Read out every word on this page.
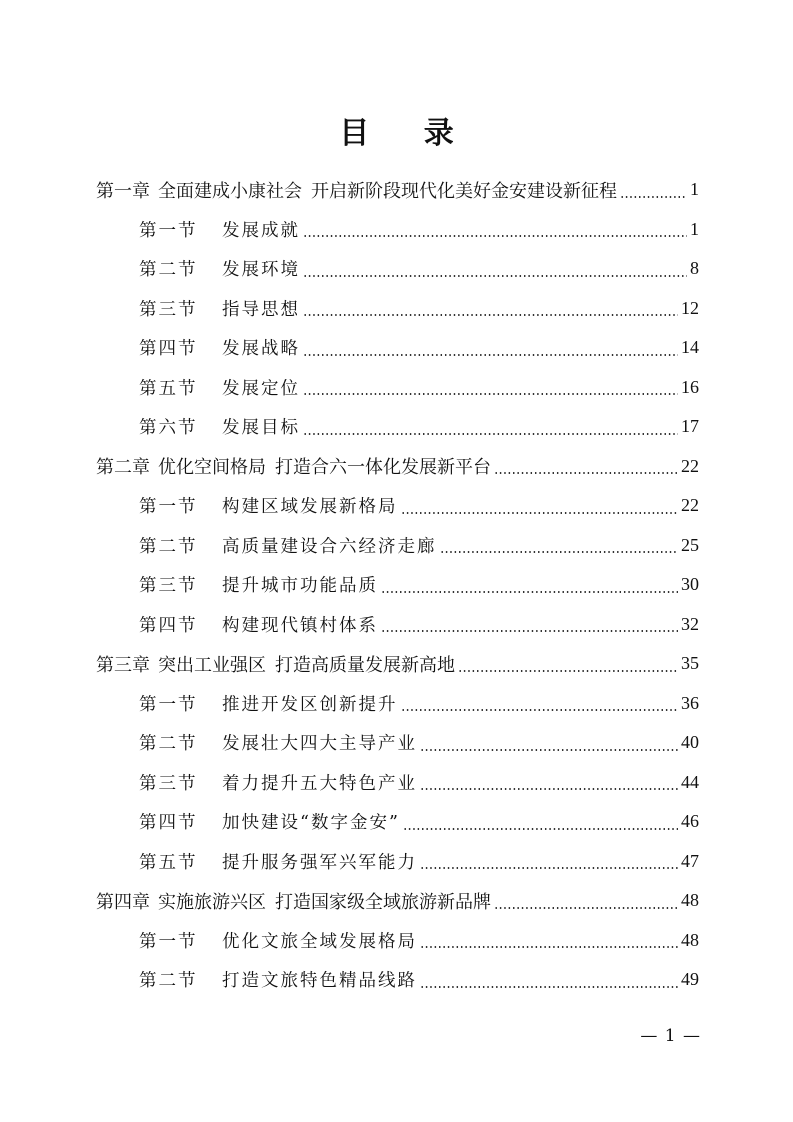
目 录
第一章 全面建成小康社会 开启新阶段现代化美好金安建设新征程	1
第一节	发展成就	1
第二节	发展环境	8
第三节	指导思想	12
第四节	发展战略	14
第五节	发展定位	16
第六节	发展目标	17
第二章 优化空间格局 打造合六一体化发展新平台	22
第一节	构建区域发展新格局	22
第二节	高质量建设合六经济走廊	25
第三节	提升城市功能品质	30
第四节	构建现代镇村体系	32
第三章 突出工业强区 打造高质量发展新高地	35
第一节	推进开发区创新提升	36
第二节	发展壮大四大主导产业	40
第三节	着力提升五大特色产业	44
第四节	加快建设“数字金安”	46
第五节	提升服务强军兴军能力	47
第四章 实施旅游兴区 打造国家级全域旅游新品牌	48
第一节	优化文旅全域发展格局	48
第二节	打造文旅特色精品线路	49
— 1 —
